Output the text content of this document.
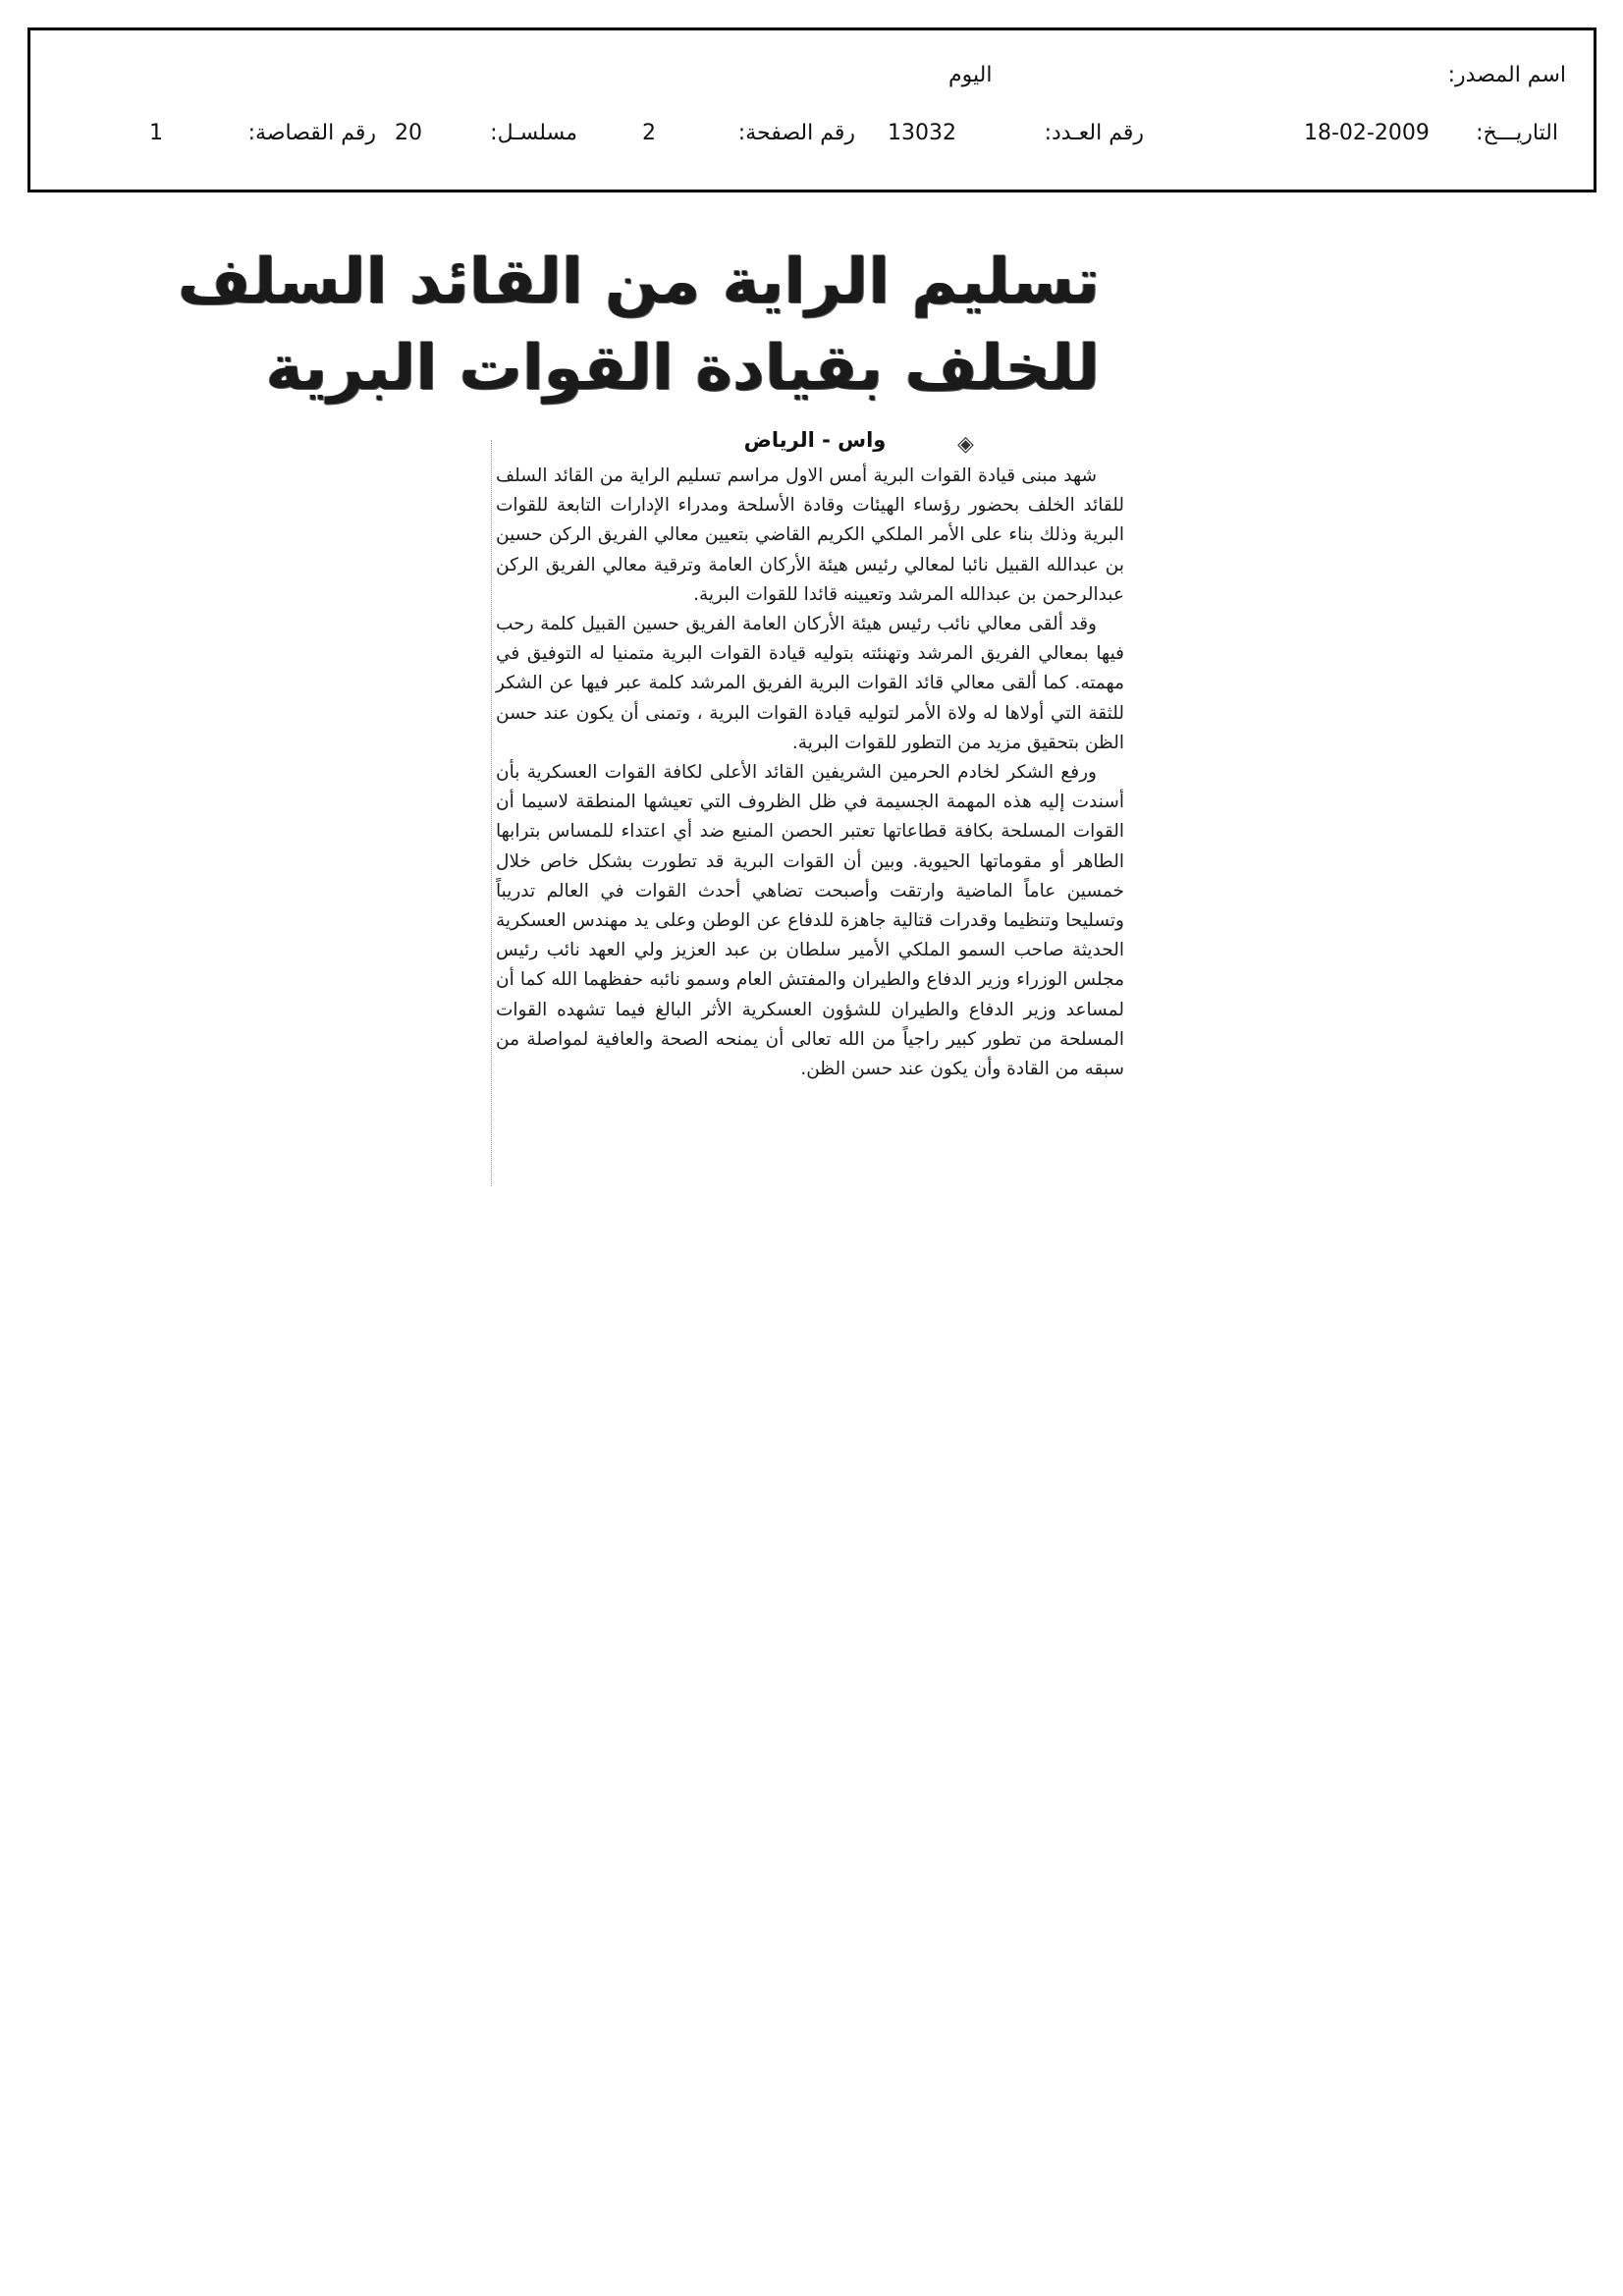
اسم المصدر:
اليوم
التاريـــخ:
18-02-2009
رقم العـدد:
13032
رقم الصفحة:
2
مسلسـل:
20
رقم القصاصة:
1
تسليم الراية من القائد السلف
للخلف بقيادة القوات البرية
◈
واس - الرياض

شهد مبنى قيادة القوات البرية أمس الاول مراسم تسليم الراية من القائد السلف للقائد الخلف بحضور رؤساء الهيئات وقادة الأسلحة ومدراء الإدارات التابعة للقوات البرية وذلك بناء على الأمر الملكي الكريم القاضي بتعيين معالي الفريق الركن حسين بن عبدالله القبيل نائبا لمعالي رئيس هيئة الأركان العامة وترقية معالي الفريق الركن عبدالرحمن بن عبدالله المرشد وتعيينه قائدا للقوات البرية.

وقد ألقى معالي نائب رئيس هيئة الأركان العامة الفريق حسين القبيل كلمة رحب فيها بمعالي الفريق المرشد وتهنئته بتوليه قيادة القوات البرية متمنيا له التوفيق في مهمته. كما ألقى معالي قائد القوات البرية الفريق المرشد كلمة عبر فيها عن الشكر للثقة التي أولاها له ولاة الأمر لتوليه قيادة القوات البرية ، وتمنى أن يكون عند حسن الظن بتحقيق مزيد من التطور للقوات البرية.

ورفع الشكر لخادم الحرمين الشريفين القائد الأعلى لكافة القوات العسكرية بأن أسندت إليه هذه المهمة الجسيمة في ظل الظروف التي تعيشها المنطقة لاسيما أن القوات المسلحة بكافة قطاعاتها تعتبر الحصن المنيع ضد أي اعتداء للمساس بترابها الطاهر أو مقوماتها الحيوية. وبين أن القوات البرية قد تطورت بشكل خاص خلال خمسين عاماً الماضية وارتقت وأصبحت تضاهي أحدث القوات في العالم تدريباً وتسليحا وتنظيما وقدرات قتالية جاهزة للدفاع عن الوطن وعلى يد مهندس العسكرية الحديثة صاحب السمو الملكي الأمير سلطان بن عبد العزيز ولي العهد نائب رئيس مجلس الوزراء وزير الدفاع والطيران والمفتش العام وسمو نائبه حفظهما الله كما أن لمساعد وزير الدفاع والطيران للشؤون العسكرية الأثر البالغ فيما تشهده القوات المسلحة من تطور كبير راجياً من الله تعالى أن يمنحه الصحة والعافية لمواصلة من سبقه من القادة وأن يكون عند حسن الظن.
